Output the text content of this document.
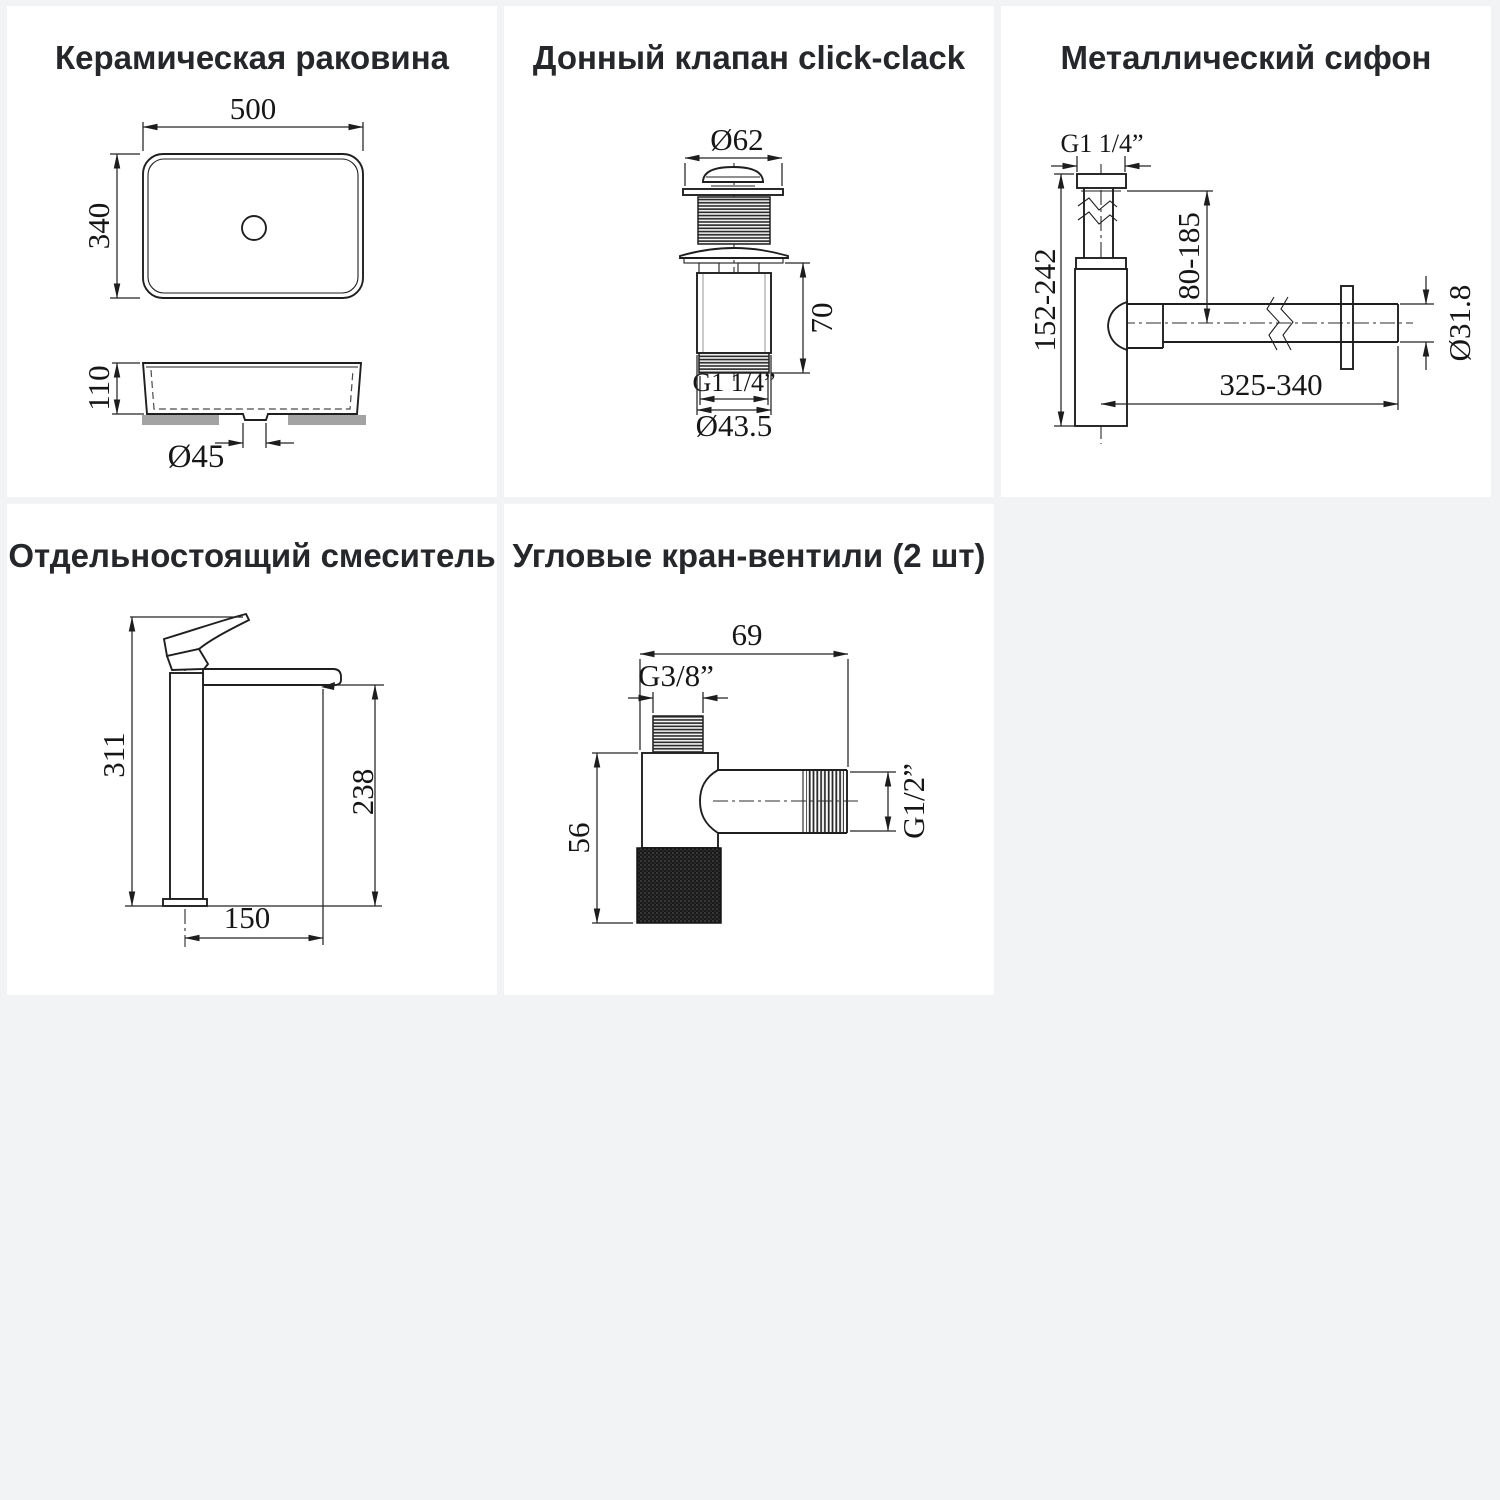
Керамическая раковина
500
340
110
Ø45
Донный клапан click-clack
Ø62
70
G1 1/4”
Ø43.5
Металлический сифон
G1 1/4”
152-242	80-185
Ø31.8
325-340
Отдельностоящий смеситель
311
238
150
Угловые кран-вентили (2 шт)
69
G3/8”
56	G1/2”
